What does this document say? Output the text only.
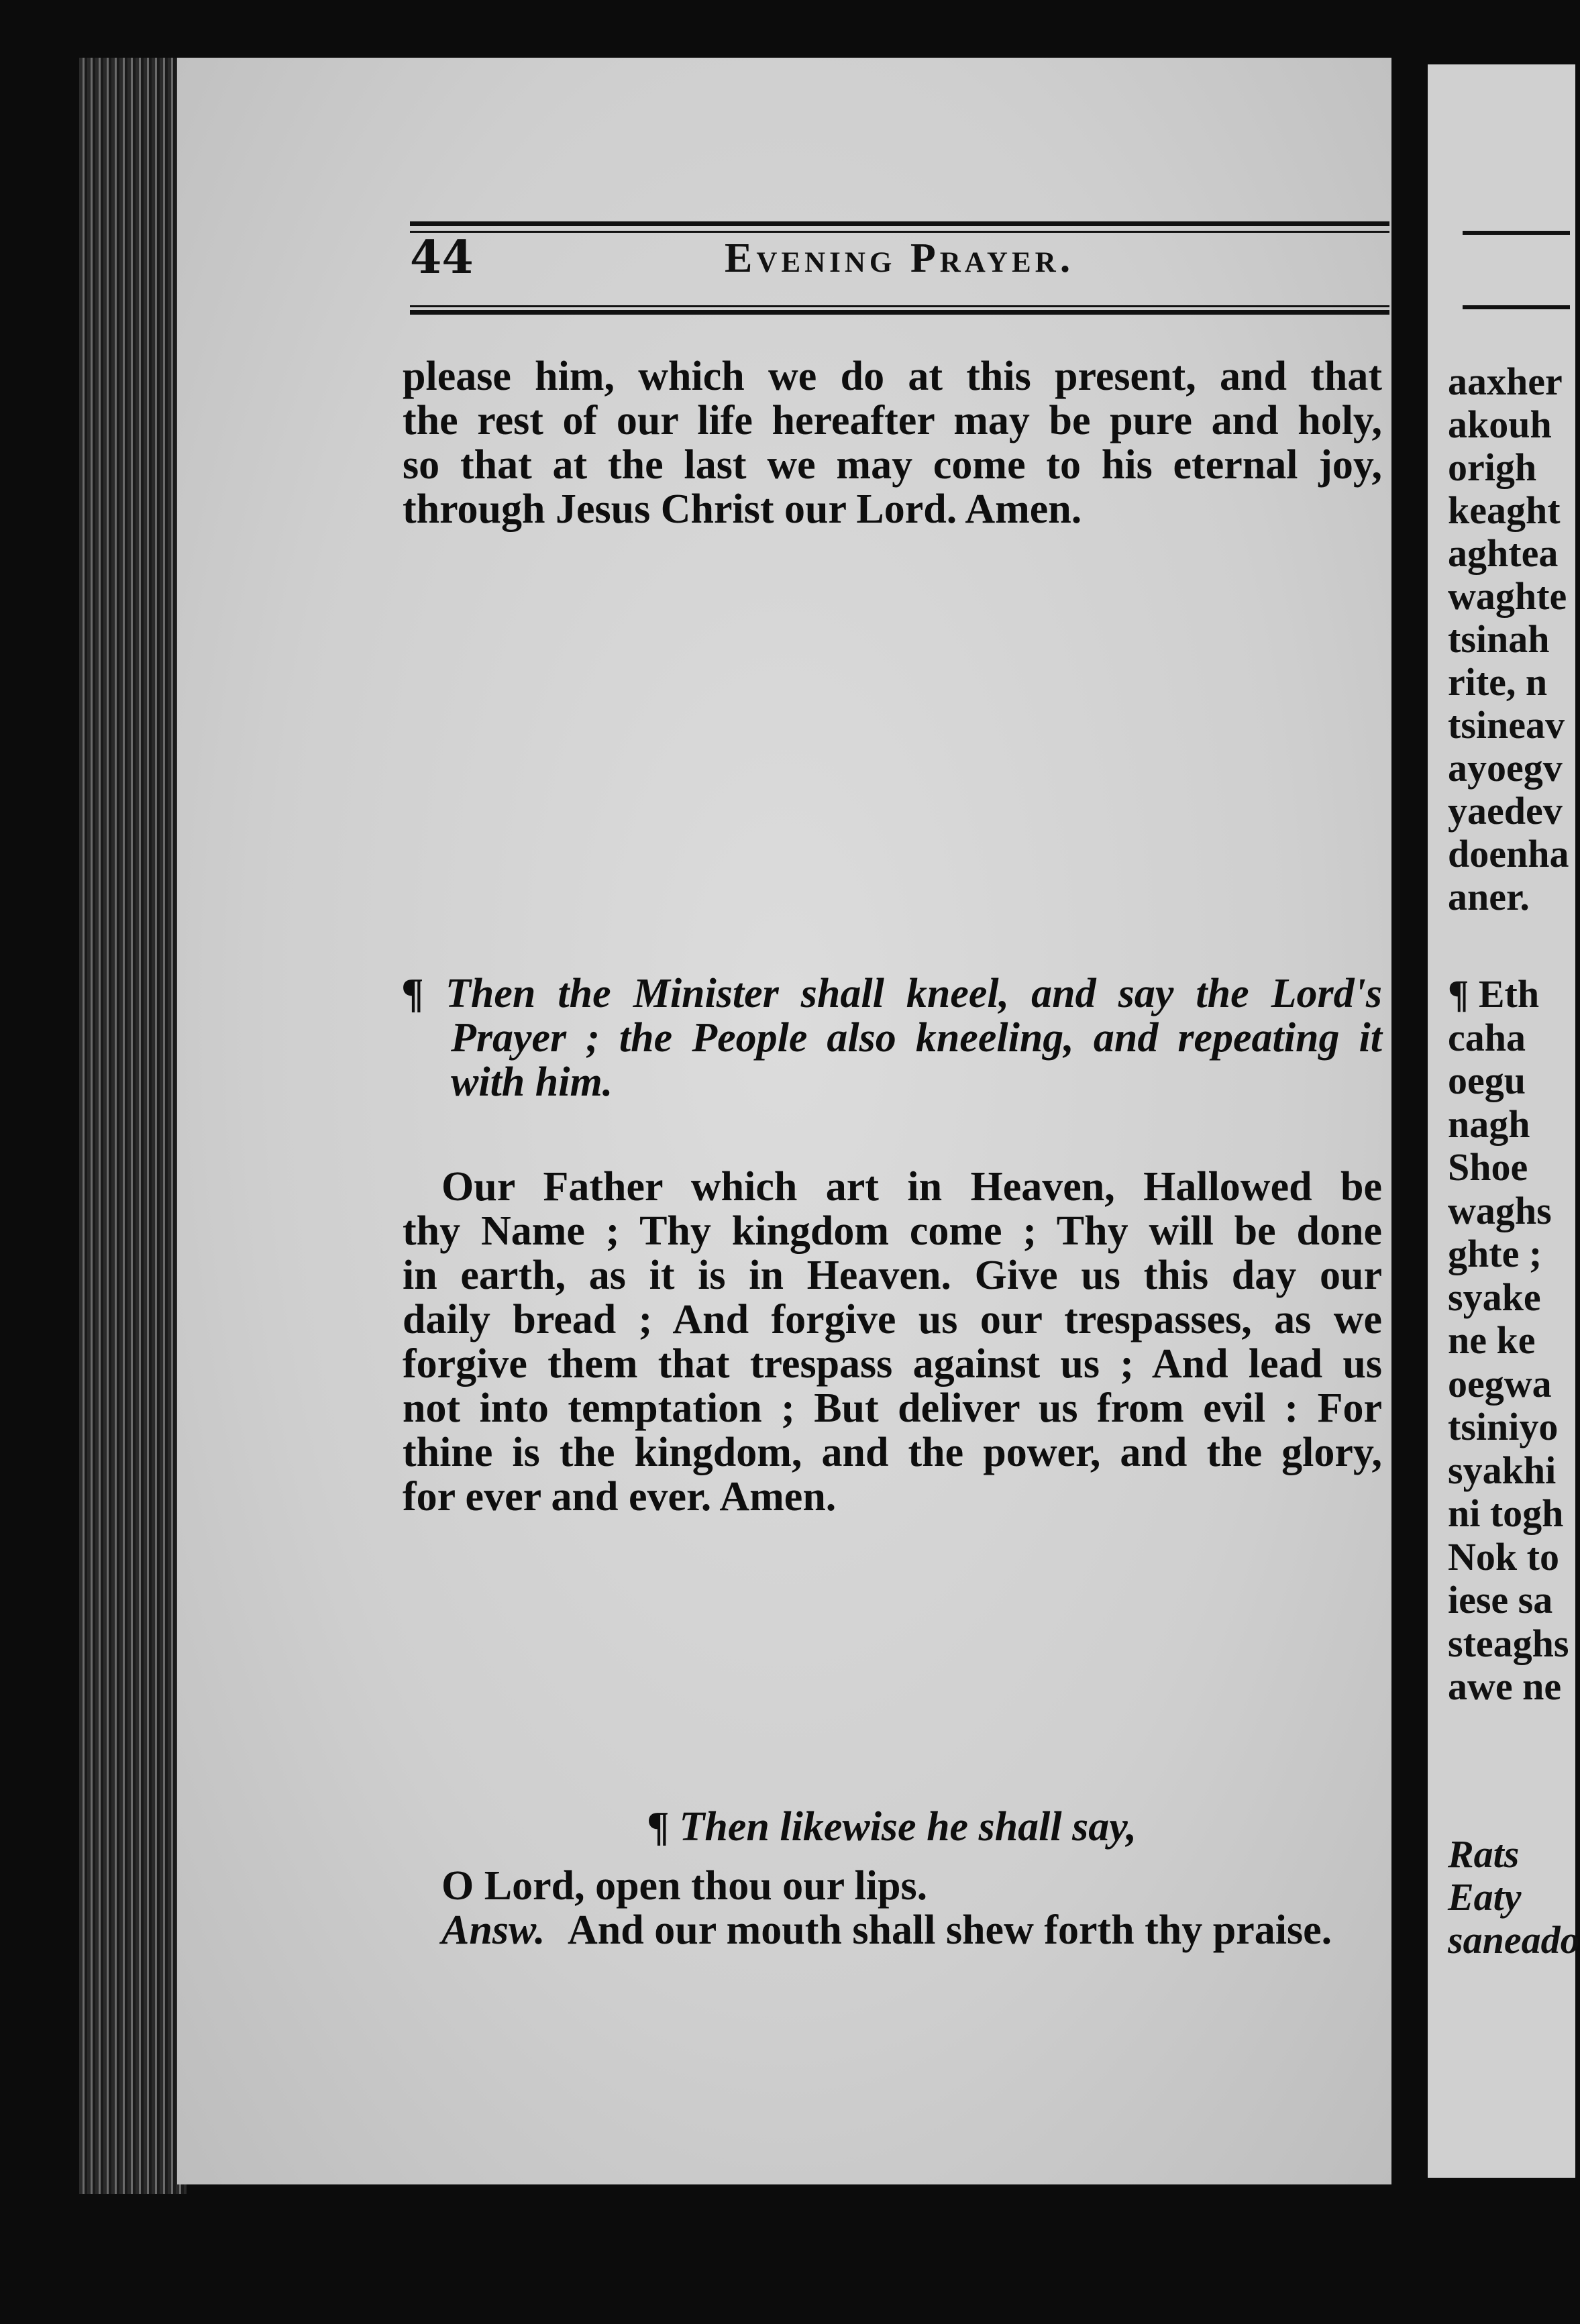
44	Evening Prayer.
please him, which we do at this present, and that
the rest of our life hereafter may be pure and holy,
so that at the last we may come to his eternal joy,
through Jesus Christ our Lord. Amen.
¶ Then the Minister shall kneel, and say the Lord's
Prayer ; the People also kneeling, and repeating it
with him.
Our Father which art in Heaven, Hallowed be
thy Name ; Thy kingdom come ; Thy will be done
in earth, as it is in Heaven. Give us this day our
daily bread ; And forgive us our trespasses, as we
forgive them that trespass against us ; And lead us
not into temptation ; But deliver us from evil : For
thine is the kingdom, and the power, and the glory,
for ever and ever. Amen.
¶ Then likewise he shall say,
O Lord, open thou our lips.
Answ. And our mouth shall shew forth thy praise.
aaxher
akouh
origh
keaght
aghtea
waghte
tsinah
rite, n
tsineav
ayoegv
yaedev
doenha
aner.
¶ Eth
caha
oegu
nagh
Shoe
waghs
ghte ;
syake
ne ke
oegwa
tsiniyo
syakhi
ni togh
Nok to
iese sa
steaghs
awe ne
Rats
Eaty
saneado
